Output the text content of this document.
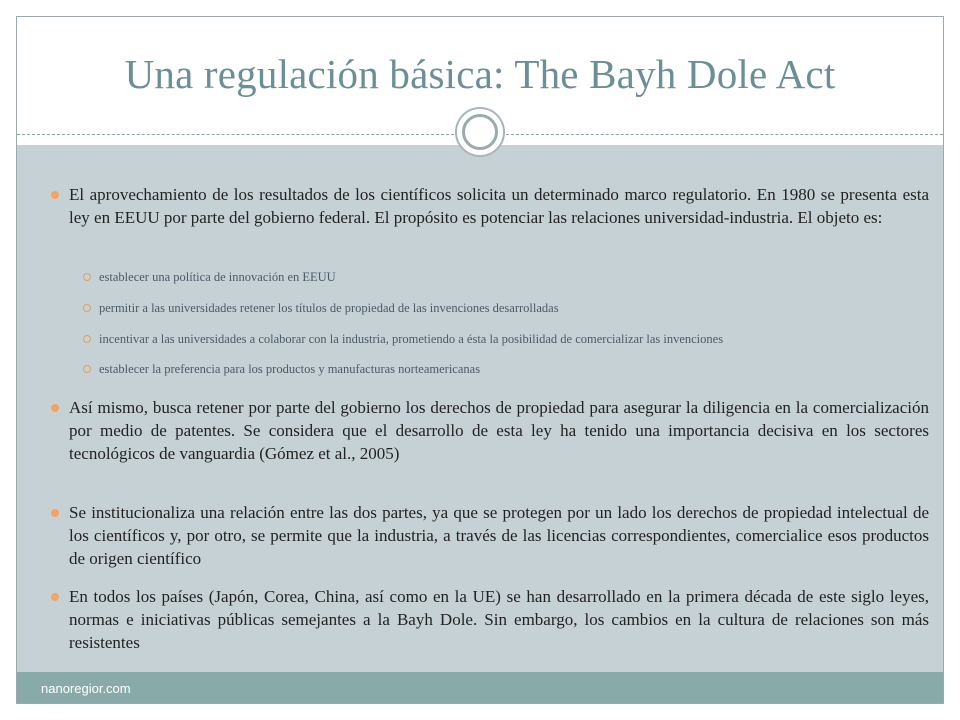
Una regulación básica: The Bayh Dole Act
El aprovechamiento de los resultados de los científicos solicita un determinado marco regulatorio. En 1980 se presenta esta ley en EEUU por parte del gobierno federal. El propósito es potenciar las relaciones universidad-industria. El objeto es:
establecer una política de innovación en EEUU
permitir a las universidades retener los títulos de propiedad de las invenciones desarrolladas
incentivar a las universidades a colaborar con la industria, prometiendo a ésta la posibilidad de comercializar las invenciones
establecer la preferencia para los productos y manufacturas norteamericanas
Así mismo, busca retener por parte del gobierno los derechos de propiedad para asegurar la diligencia en la comercialización por medio de patentes. Se considera que el desarrollo de esta ley ha tenido una importancia decisiva en los sectores tecnológicos de vanguardia (Gómez et al., 2005)
Se institucionaliza una relación entre las dos partes, ya que se protegen por un lado los derechos de propiedad intelectual de los científicos y, por otro, se permite que la industria, a través de las licencias correspondientes, comercialice esos productos de origen científico
En todos los países (Japón, Corea, China, así como en la UE) se han desarrollado en la primera década de este siglo leyes, normas e iniciativas públicas semejantes a la Bayh Dole. Sin embargo, los cambios en la cultura de relaciones son más resistentes
nanoregior.com
